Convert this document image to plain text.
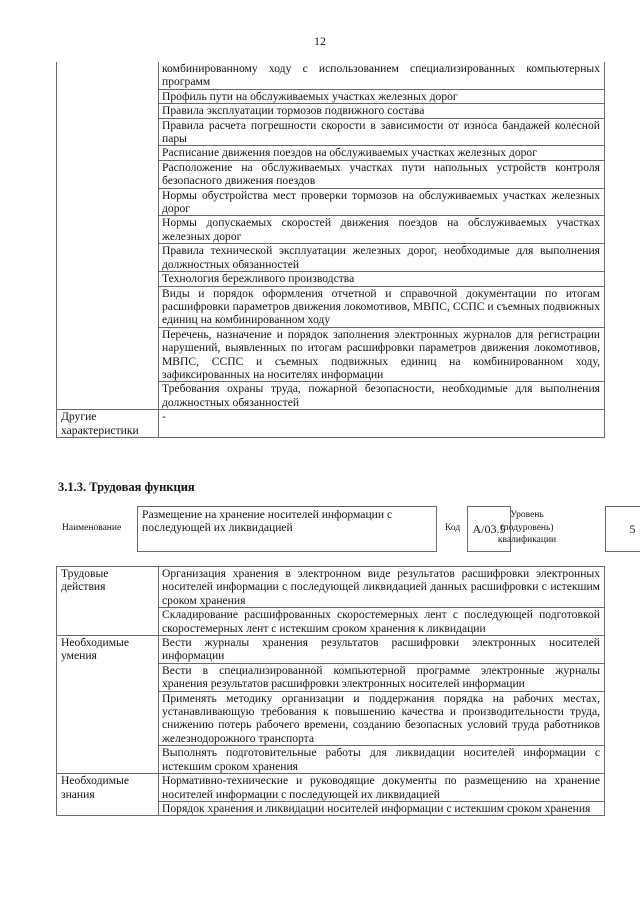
12
	комбинированному ходу с использованием специализированных компьютерных программ
	Профиль пути на обслуживаемых участках железных дорог
	Правила эксплуатации тормозов подвижного состава
	Правила расчета погрешности скорости в зависимости от износа бандажей колесной пары
	Расписание движения поездов на обслуживаемых участках железных дорог
	Расположение на обслуживаемых участках пути напольных устройств контроля безопасного движения поездов
	Нормы обустройства мест проверки тормозов на обслуживаемых участках железных дорог
	Нормы допускаемых скоростей движения поездов на обслуживаемых участках железных дорог
	Правила технической эксплуатации железных дорог, необходимые для выполнения должностных обязанностей
	Технология бережливого производства
	Виды и порядок оформления отчетной и справочной документации по итогам расшифровки параметров движения локомотивов, МВПС, ССПС и съемных подвижных единиц на комбинированном ходу
	Перечень, назначение и порядок заполнения электронных журналов для регистрации нарушений, выявленных по итогам расшифровки параметров движения локомотивов, МВПС, ССПС и съемных подвижных единиц на комбинированном ходу, зафиксированных на носителях информации
	Требования охраны труда, пожарной безопасности, необходимые для выполнения должностных обязанностей
Другие характеристики	-
3.1.3. Трудовая функция
Наименование
Размещение на хранение носителей информации с последующей их ликвидацией	Код	А/03.5
Уровень (подуровень) квалификации
5
Трудовые действия	Организация хранения в электронном виде результатов расшифровки электронных носителей информации с последующей ликвидацией данных расшифровки с истекшим сроком хранения
	Складирование расшифрованных скоростемерных лент с последующей подготовкой скоростемерных лент с истекшим сроком хранения к ликвидации
Необходимые умения	Вести журналы хранения результатов расшифровки электронных носителей информации
	Вести в специализированной компьютерной программе электронные журналы хранения результатов расшифровки электронных носителей информации
	Применять методику организации и поддержания порядка на рабочих местах, устанавливающую требования к повышению качества и производительности труда, снижению потерь рабочего времени, созданию безопасных условий труда работников железнодорожного транспорта
	Выполнять подготовительные работы для ликвидации носителей информации с истекшим сроком хранения
Необходимые знания	Нормативно-технические и руководящие документы по размещению на хранение носителей информации с последующей их ликвидацией
	Порядок хранения и ликвидации носителей информации с истекшим сроком хранения
